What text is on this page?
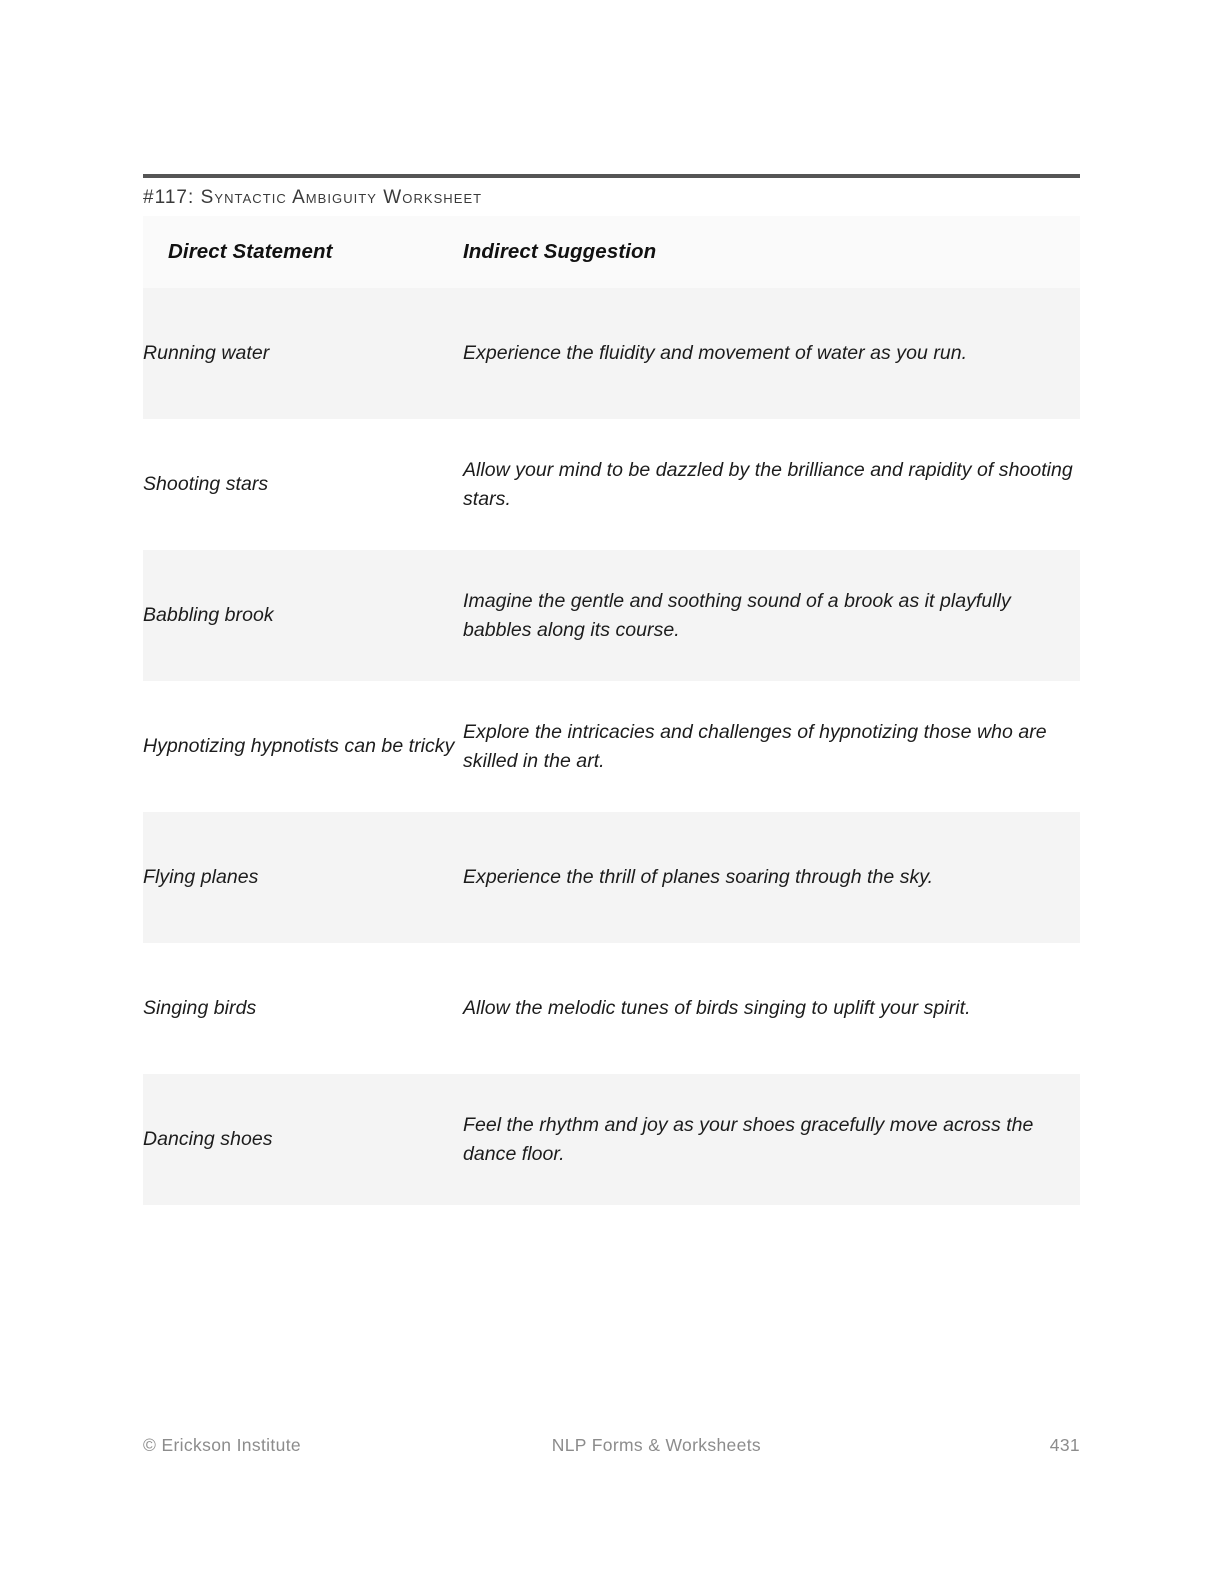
#117: Syntactic Ambiguity Worksheet
Direct Statement	Indirect Suggestion

Running water	Experience the fluidity and movement of water as you run.
Shooting stars	Allow your mind to be dazzled by the brilliance and rapidity of shooting stars.
Babbling brook	Imagine the gentle and soothing sound of a brook as it playfully babbles along its course.
Hypnotizing hypnotists can be tricky	Explore the intricacies and challenges of hypnotizing those who are skilled in the art.
Flying planes	Experience the thrill of planes soaring through the sky.
Singing birds	Allow the melodic tunes of birds singing to uplift your spirit.
Dancing shoes	Feel the rhythm and joy as your shoes gracefully move across the dance floor.
© Erickson Institute	NLP Forms & Worksheets	431
